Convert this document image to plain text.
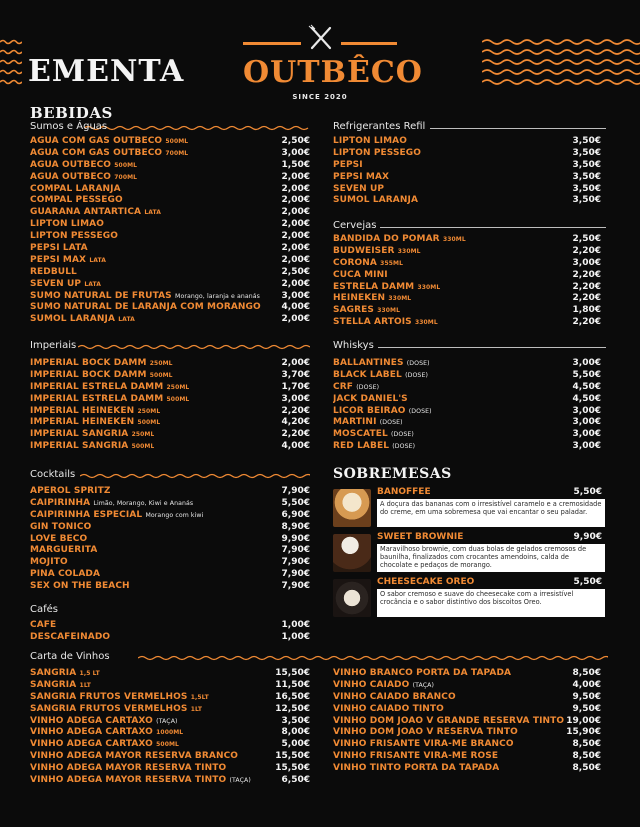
EMENTA OUTBÊCO
SINCE 2020
BEBIDAS
Sumos e Águas	Refrigerantes Refil
Cervejas
Imperiais	Whiskys
Cocktails
Cafés
Carta de Vinhos
SOBREMESAS
ÁGUA COM GÁS OUTBÊCO 500ML	2,50€
ÁGUA COM GÁS OUTBÊCO 700ML	3,00€
ÁGUA OUTBÊCO 500ML	1,50€
ÁGUA OUTBÊCO 700ML	2,00€
COMPAL LARANJA	2,00€
COMPAL PÊSSEGO	2,00€
GUARANÁ ANTÁRTICA LATA	2,00€
LIPTON LIMÃO	2,00€
LIPTON PÊSSEGO	2,00€
PEPSI LATA	2,00€
PEPSI MAX LATA	2,00€
REDBULL	2,50€
SEVEN UP LATA	2,00€
SUMO NATURAL DE FRUTAS Morango, laranja e ananás 3,00€
SUMO NATURAL DE LARANJA COM MORANGO 4,00€
SUMOL LARANJA LATA	2,00€
LIPTON LIMÃO	3,50€
LIPTON PÊSSEGO	3,50€
PEPSI	3,50€
PEPSI MAX	3,50€
SEVEN UP	3,50€
SUMOL LARANJA	3,50€
BANDIDA DO POMAR 330ML	2,50€
BUDWEISER 330ML	2,20€
CORONA 355ML	3,00€
CUCA MINI	2,20€
ESTRELA DAMM 330ML	2,20€
HEINEKEN 330ML	2,20€
SAGRES 330ML	1,80€
STELLA ARTOIS 330ML	2,20€
IMPERIAL BOCK DAMM 250ML	2,00€
IMPERIAL BOCK DAMM 500ML	3,70€
IMPERIAL ESTRELA DAMM 250ML	1,70€
IMPERIAL ESTRELA DAMM 500ML	3,00€
IMPERIAL HEINEKEN 250ML	2,20€
IMPERIAL HEINEKEN 500ML	4,20€
IMPERIAL SANGRIA 250ML	2,20€
IMPERIAL SANGRIA 500ML	4,00€
BALLANTINES (DOSE)	3,00€
BLACK LABEL (DOSE)	5,50€
CRF (DOSE)	4,50€
JACK DANIEL'S	4,50€
LICOR BEIRÃO (DOSE)	3,00€
MARTINI (DOSE)	3,00€
MOSCATEL (DOSE)	3,00€
RED LABEL (DOSE)	3,00€
APEROL SPRITZ	7,90€
CAIPIRINHA Limão, Morango, Kiwi e Ananás	5,50€
CAIPIRINHA ESPECIAL Morango com kiwi	6,90€
GIN TÓNICO	8,90€
LOVE BÊCO	9,90€
MARGUERITA	7,90€
MOJITO	7,90€
PINÃ COLADA	7,90€
SEX ON THE BEACH	7,90€
CAFÉ	1,00€
DESCAFEINADO	1,00€
SANGRIA 1,5 LT	15,50€
SANGRIA 1LT	11,50€
SANGRIA FRUTOS VERMELHOS 1,5LT	16,50€
SANGRIA FRUTOS VERMELHOS 1LT	12,50€
VINHO ADEGA CARTAXO (TAÇA)	3,50€
VINHO ADEGA CARTAXO 1000ML	8,00€
VINHO ADEGA CARTAXO 500ML	5,00€
VINHO ADEGA MAYOR RESERVA BRANCO	15,50€
VINHO ADEGA MAYOR RESERVA TINTO	15,50€
VINHO ADEGA MAYOR RESERVA TINTO (TAÇA)	6,50€
VINHO BRANCO PORTA DA TAPADA	8,50€
VINHO CAIADO (TAÇA)	4,00€
VINHO CAIADO BRANCO	9,50€
VINHO CAIADO TINTO	9,50€
VINHO DOM JOÃO V GRANDE RESERVA TINTO 19,00€
VINHO DOM JOÃO V RESERVA TINTO	15,90€
VINHO FRISANTE VIRA-ME BRANCO	8,50€
VINHO FRISANTE VIRA-ME ROSÊ	8,50€
VINHO TINTO PORTA DA TAPADA	8,50€
BANOFFEE	5,50€
A doçura das bananas com o irresistível caramelo e a cremosidade do creme, em uma sobremesa que vai encantar o seu paladar.
SWEET BROWNIE	9,90€
Maravilhoso brownie, com duas bolas de gelados cremosos de baunilha, finalizados com crocantes amendoins, calda de chocolate e pedaços de morango.
CHEESECAKE OREO	5,50€
O sabor cremoso e suave do cheesecake com a irresistível crocância e o sabor distintivo dos biscoitos Oreo.
